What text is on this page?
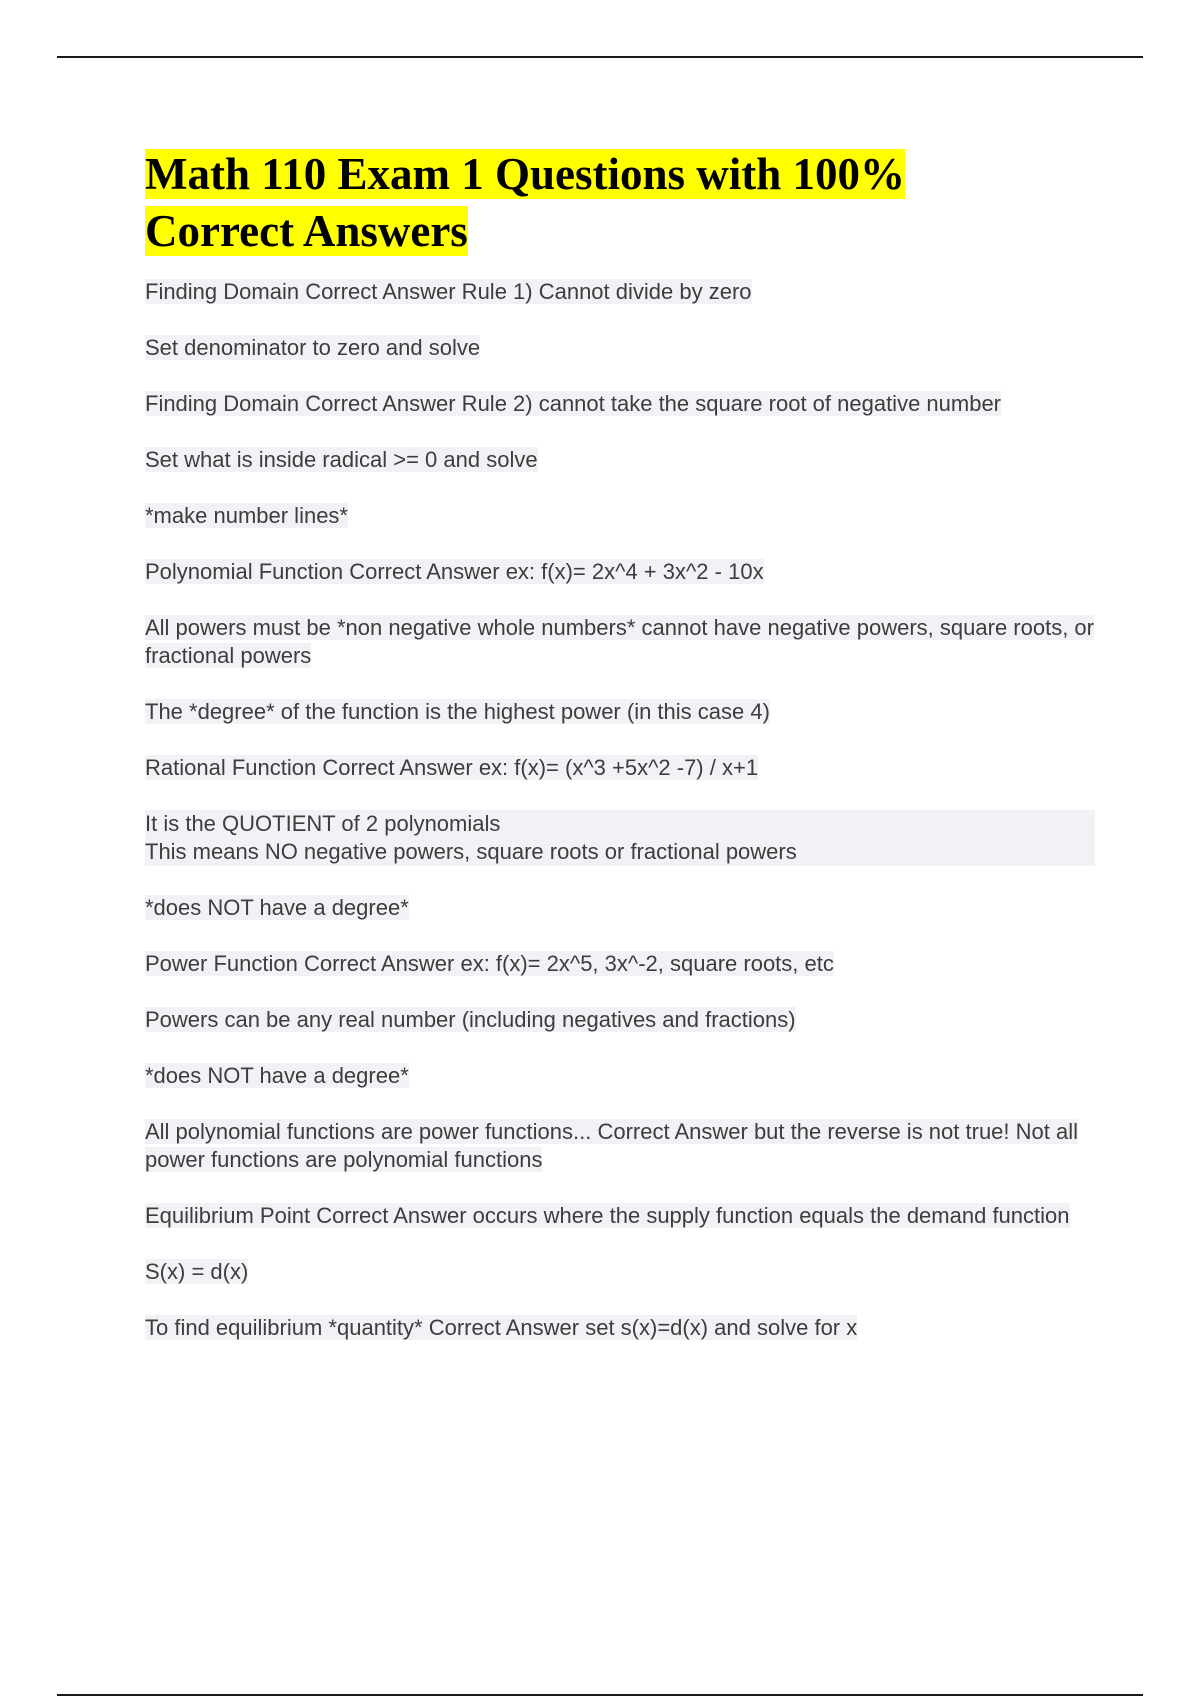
Math 110 Exam 1 Questions with 100%
Correct Answers

Finding Domain Correct Answer Rule 1) Cannot divide by zero

Set denominator to zero and solve

Finding Domain Correct Answer Rule 2) cannot take the square root of negative number

Set what is inside radical >= 0 and solve

*make number lines*

Polynomial Function Correct Answer ex: f(x)= 2x^4 + 3x^2 - 10x

All powers must be *non negative whole numbers* cannot have negative powers, square roots, or fractional powers

The *degree* of the function is the highest power (in this case 4)

Rational Function Correct Answer ex: f(x)= (x^3 +5x^2 -7) / x+1

It is the QUOTIENT of 2 polynomials
This means NO negative powers, square roots or fractional powers

*does NOT have a degree*

Power Function Correct Answer ex: f(x)= 2x^5, 3x^-2, square roots, etc

Powers can be any real number (including negatives and fractions)

*does NOT have a degree*

All polynomial functions are power functions... Correct Answer but the reverse is not true! Not all power functions are polynomial functions

Equilibrium Point Correct Answer occurs where the supply function equals the demand function

S(x) = d(x)

To find equilibrium *quantity* Correct Answer set s(x)=d(x) and solve for x
